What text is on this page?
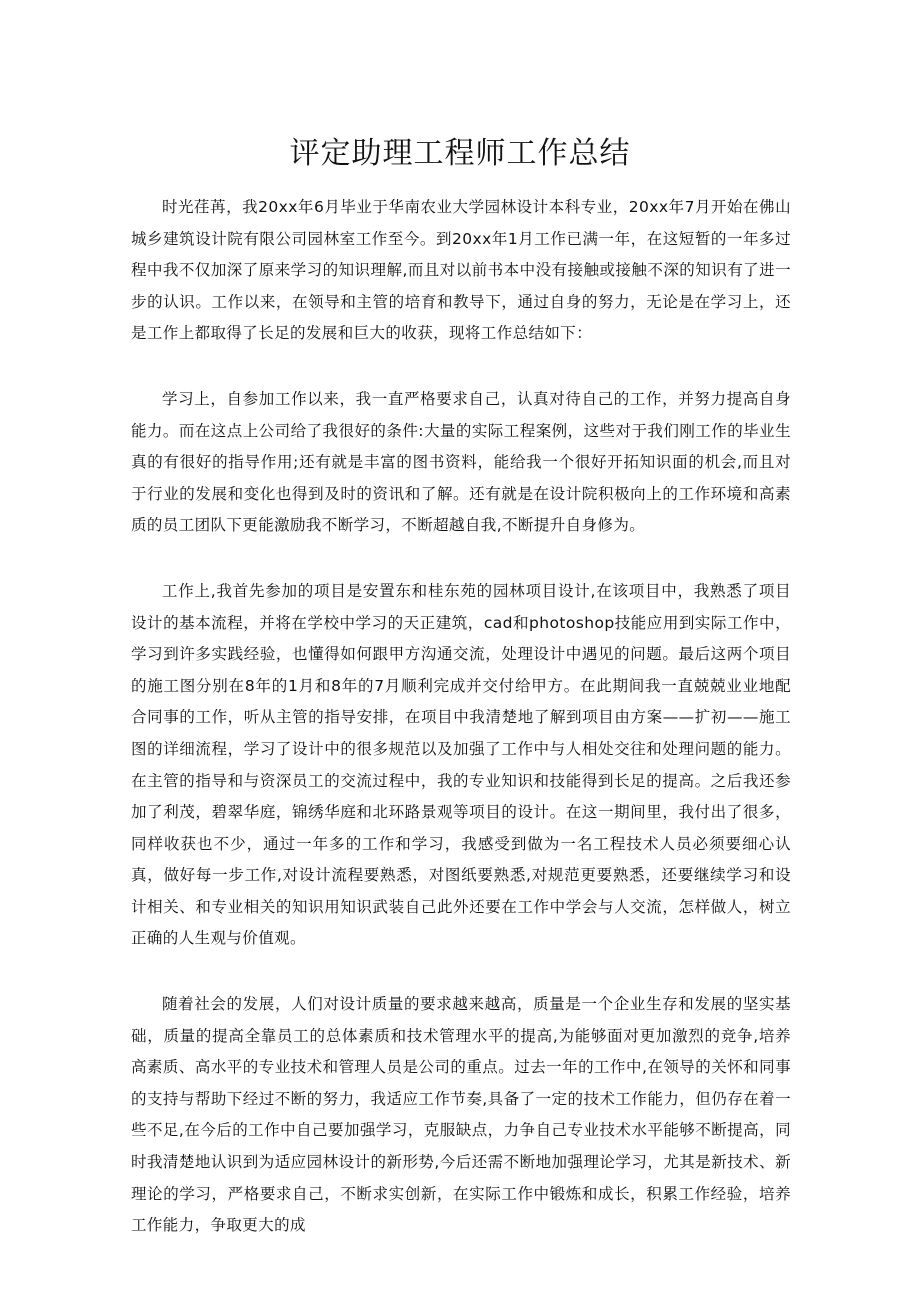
评定助理工程师工作总结

时光荏苒，我20xx年6月毕业于华南农业大学园林设计本科专业，20xx年7月开始在佛山城乡建筑设计院有限公司园林室工作至今。到20xx年1月工作已满一年，在这短暂的一年多过程中我不仅加深了原来学习的知识理解,而且对以前书本中没有接触或接触不深的知识有了进一步的认识。工作以来，在领导和主管的培育和教导下，通过自身的努力，无论是在学习上，还是工作上都取得了长足的发展和巨大的收获，现将工作总结如下：

学习上，自参加工作以来，我一直严格要求自己，认真对待自己的工作，并努力提高自身能力。而在这点上公司给了我很好的条件:大量的实际工程案例，这些对于我们刚工作的毕业生真的有很好的指导作用;还有就是丰富的图书资料，能给我一个很好开拓知识面的机会,而且对于行业的发展和变化也得到及时的资讯和了解。还有就是在设计院积极向上的工作环境和高素质的员工团队下更能激励我不断学习，不断超越自我,不断提升自身修为。

工作上,我首先参加的项目是安置东和桂东苑的园林项目设计,在该项目中，我熟悉了项目设计的基本流程，并将在学校中学习的天正建筑，cad和photoshop技能应用到实际工作中，学习到许多实践经验，也懂得如何跟甲方沟通交流，处理设计中遇见的问题。最后这两个项目的施工图分别在8年的1月和8年的7月顺利完成并交付给甲方。在此期间我一直兢兢业业地配合同事的工作，听从主管的指导安排，在项目中我清楚地了解到项目由方案——扩初——施工图的详细流程，学习了设计中的很多规范以及加强了工作中与人相处交往和处理问题的能力。在主管的指导和与资深员工的交流过程中，我的专业知识和技能得到长足的提高。之后我还参加了利茂，碧翠华庭，锦绣华庭和北环路景观等项目的设计。在这一期间里，我付出了很多，同样收获也不少，通过一年多的工作和学习，我感受到做为一名工程技术人员必须要细心认真，做好每一步工作,对设计流程要熟悉，对图纸要熟悉,对规范更要熟悉，还要继续学习和设计相关、和专业相关的知识用知识武装自己此外还要在工作中学会与人交流，怎样做人，树立正确的人生观与价值观。

随着社会的发展，人们对设计质量的要求越来越高，质量是一个企业生存和发展的坚实基础，质量的提高全靠员工的总体素质和技术管理水平的提高,为能够面对更加激烈的竞争,培养高素质、高水平的专业技术和管理人员是公司的重点。过去一年的工作中,在领导的关怀和同事的支持与帮助下经过不断的努力，我适应工作节奏,具备了一定的技术工作能力，但仍存在着一些不足,在今后的工作中自己要加强学习，克服缺点，力争自己专业技术水平能够不断提高，同时我清楚地认识到为适应园林设计的新形势,今后还需不断地加强理论学习，尤其是新技术、新理论的学习，严格要求自己，不断求实创新，在实际工作中锻炼和成长，积累工作经验，培养工作能力，争取更大的成
